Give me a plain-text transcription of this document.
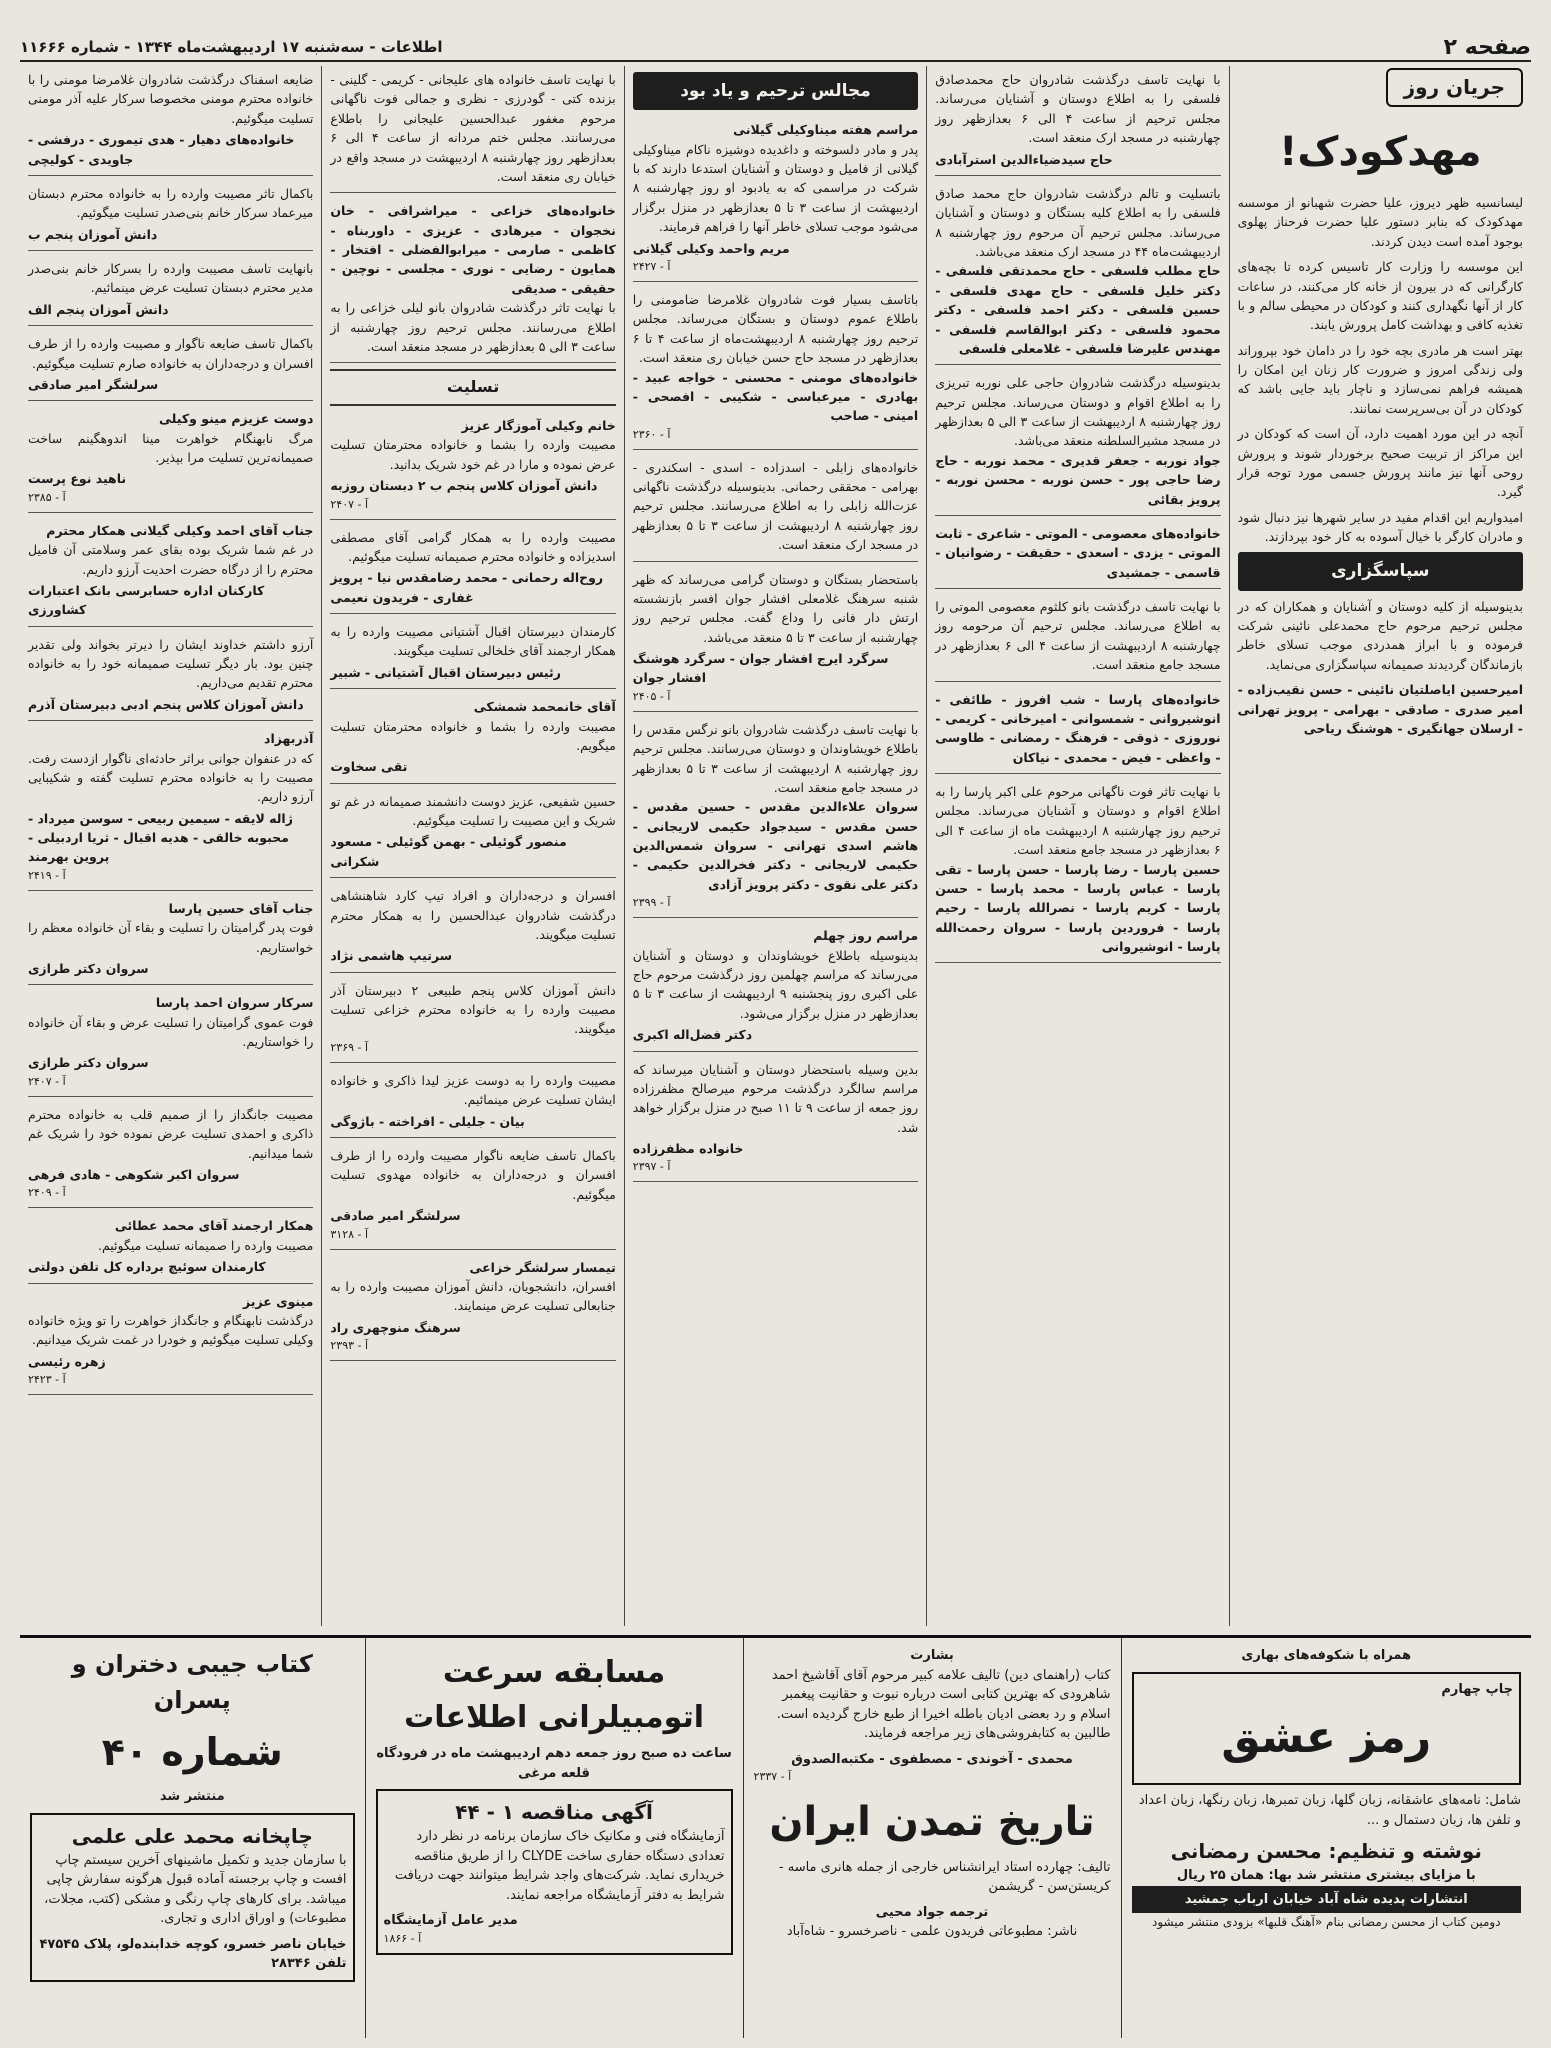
صفحه ۲
اطلاعات - سه‌شنبه ۱۷ اردیبهشت‌ماه ۱۳۴۴ - شماره ۱۱۶۶۶
جریان روز
مهدکودک!

لیسانسیه ظهر دیروز، علیا حضرت شهبانو از موسسه مهدکودک که بنابر دستور علیا حضرت فرحناز پهلوی بوجود آمده است دیدن کردند.

این موسسه را وزارت کار تاسیس کرده تا بچه‌های کارگرانی که در بیرون از خانه کار می‌کنند، در ساعات کار از آنها نگهداری کنند و کودکان در محیطی سالم و با تغذیه کافی و بهداشت کامل پرورش یابند.

بهتر است هر مادری بچه خود را در دامان خود بپروراند ولی زندگی امروز و ضرورت کار زنان این امکان را همیشه فراهم نمی‌سازد و ناچار باید جایی باشد که کودکان در آن بی‌سرپرست نمانند.

آنچه در این مورد اهمیت دارد، آن است که کودکان در این مراکز از تربیت صحیح برخوردار شوند و پرورش روحی آنها نیز مانند پرورش جسمی مورد توجه قرار گیرد.

امیدواریم این اقدام مفید در سایر شهرها نیز دنبال شود و مادران کارگر با خیال آسوده به کار خود بپردازند.

سپاسگزاری

بدینوسیله از کلیه دوستان و آشنایان و همکاران که در مجلس ترحیم مرحوم حاج محمدعلی نائینی شرکت فرموده و با ابراز همدردی موجب تسلای خاطر بازماندگان گردیدند صمیمانه سپاسگزاری می‌نماید.

امیرحسین ایاصلتیان نائینی - حسن نقیب‌زاده - امیر صدری - صادقی - بهرامی - پرویز تهرانی - ارسلان جهانگیری - هوشنگ ریاحی

با نهایت تاسف درگذشت شادروان حاج محمدصادق فلسفی را به اطلاع دوستان و آشنایان می‌رساند. مجلس ترحیم از ساعت ۴ الی ۶ بعدازظهر روز چهارشنبه در مسجد ارک منعقد است.
حاج سیدضیاءالدین استرآبادی
باتسلیت و تالم درگذشت شادروان حاج محمد صادق فلسفی را به اطلاع کلیه بستگان و دوستان و آشنایان می‌رساند. مجلس ترحیم آن مرحوم روز چهارشنبه ۸ اردیبهشت‌ماه ۴۴ در مسجد ارک منعقد می‌باشد.
حاج مطلب فلسفی - حاج محمدتقی فلسفی - دکتر خلیل فلسفی - حاج مهدی فلسفی - حسین فلسفی - دکتر احمد فلسفی - دکتر محمود فلسفی - دکتر ابوالقاسم فلسفی - مهندس علیرضا فلسفی - غلامعلی فلسفی
بدینوسیله درگذشت شادروان حاجی علی نوربه تبریزی را به اطلاع اقوام و دوستان می‌رساند. مجلس ترحیم روز چهارشنبه ۸ اردیبهشت از ساعت ۳ الی ۵ بعدازظهر در مسجد مشیرالسلطنه منعقد می‌باشد.
جواد نوربه - جعفر قدیری - محمد نوربه - حاج رضا حاجی پور - حسن نوربه - محسن نوربه - پرویز بقائی
خانواده‌های معصومی - الموتی - شاعری - ثابت الموتی - یزدی - اسعدی - حقیقت - رضوانیان - قاسمی - جمشیدی
با نهایت تاسف درگذشت بانو کلثوم معصومی الموتی را به اطلاع می‌رساند. مجلس ترحیم آن مرحومه روز چهارشنبه ۸ اردیبهشت از ساعت ۴ الی ۶ بعدازظهر در مسجد جامع منعقد است.
خانواده‌های پارسا - شب افروز - طائفی - انوشیروانی - شمسوانی - امیرخانی - کریمی - نوروزی - ذوقی - فرهنگ - رمضانی - طاوسی - واعظی - فیض - محمدی - نیاکان
با نهایت تاثر فوت ناگهانی مرحوم علی اکبر پارسا را به اطلاع اقوام و دوستان و آشنایان می‌رساند. مجلس ترحیم روز چهارشنبه ۸ اردیبهشت ماه از ساعت ۴ الی ۶ بعدازظهر در مسجد جامع منعقد است.
حسین پارسا - رضا پارسا - حسن پارسا - تقی پارسا - عباس پارسا - محمد پارسا - حسن پارسا - کریم پارسا - نصرالله پارسا - رحیم پارسا - فروردین پارسا - سروان رحمت‌الله پارسا - انوشیروانی
مجالس ترحیم و یاد بود
مراسم هفته میناوکیلی گیلانی
پدر و مادر دلسوخته و داغدیده دوشیزه ناکام میناوکیلی گیلانی از فامیل و دوستان و آشنایان استدعا دارند که با شرکت در مراسمی که به یادبود او روز چهارشنبه ۸ اردیبهشت از ساعت ۳ تا ۵ بعدازظهر در منزل برگزار می‌شود موجب تسلای خاطر آنها را فراهم فرمایند.
مریم واحمد وکیلی گیلانی
آ - ۲۴۲۷
باتاسف بسیار فوت شادروان غلامرضا ضامومنی را باطلاع عموم دوستان و بستگان می‌رساند. مجلس ترحیم روز چهارشنبه ۸ اردیبهشت‌ماه از ساعت ۴ تا ۶ بعدازظهر در مسجد حاج حسن خیابان ری منعقد است.
خانواده‌های مومنی - محسنی - خواجه عبید - بهادری - میرعباسی - شکیبی - افصحی - امینی - صاحب
آ - ۲۳۶۰
خانواده‌های زابلی - اسدزاده - اسدی - اسکندری - بهرامی - محققی رحمانی. بدینوسیله درگذشت ناگهانی عزت‌الله زابلی را به اطلاع می‌رسانند. مجلس ترحیم روز چهارشنبه ۸ اردیبهشت از ساعت ۳ تا ۵ بعدازظهر در مسجد ارک منعقد است.
باستحضار بستگان و دوستان گرامی می‌رساند که ظهر شنبه سرهنگ غلامعلی افشار جوان افسر بازنشسته ارتش دار فانی را وداع گفت. مجلس ترحیم روز چهارشنبه از ساعت ۳ تا ۵ منعقد می‌باشد.
سرگرد ایرج افشار جوان - سرگرد هوشنگ افشار جوان
آ - ۲۴۰۵
با نهایت تاسف درگذشت شادروان بانو نرگس مقدس را باطلاع خویشاوندان و دوستان می‌رسانند. مجلس ترحیم روز چهارشنبه ۸ اردیبهشت از ساعت ۳ تا ۵ بعدازظهر در مسجد جامع منعقد است.
سروان علاءالدین مقدس - حسین مقدس - حسن مقدس - سیدجواد حکیمی لاریجانی - هاشم اسدی تهرانی - سروان شمس‌الدین حکیمی لاریجانی - دکتر فخرالدین حکیمی - دکتر علی نقوی - دکتر پرویز آزادی
آ - ۲۳۹۹
مراسم روز چهلم
بدینوسیله باطلاع خویشاوندان و دوستان و آشنایان می‌رساند که مراسم چهلمین روز درگذشت مرحوم حاج علی اکبری روز پنجشنبه ۹ اردیبهشت از ساعت ۳ تا ۵ بعدازظهر در منزل برگزار می‌شود.
دکتر فضل‌اله اکبری
بدین وسیله باستحضار دوستان و آشنایان میرساند که مراسم سالگرد درگذشت مرحوم میرصالح مظفرزاده روز جمعه از ساعت ۹ تا ۱۱ صبح در منزل برگزار خواهد شد.
خانواده مظفرزاده
آ - ۲۳۹۷
با نهایت تاسف خانواده های علیجانی - کریمی - گلینی - بزنده کتی - گودرزی - نظری و جمالی فوت ناگهانی مرحوم مغفور عبدالحسین علیجانی را باطلاع می‌رسانند. مجلس ختم مردانه از ساعت ۴ الی ۶ بعدازظهر روز چهارشنبه ۸ اردیبهشت در مسجد واقع در خیابان ری منعقد است.
خانواده‌های خزاعی - میراشرافی - خان نخجوان - میرهادی - عزیزی - داوربناه - کاظمی - صارمی - میرابوالفضلی - افتخار - همایون - رضایی - نوری - مجلسی - نوچین - حقیقی - صدیقی
با نهایت تاثر درگذشت شادروان بانو لیلی خزاعی را به اطلاع می‌رسانند. مجلس ترحیم روز چهارشنبه از ساعت ۳ الی ۵ بعدازظهر در مسجد منعقد است.
تسلیت
خانم وکیلی آموزگار عزیز
مصیبت وارده را بشما و خانواده محترمتان تسلیت عرض نموده و مارا در غم خود شریک بدانید.
دانش آموزان کلاس پنجم ب ۲ دبستان روزبه
آ - ۲۴۰۷
مصیبت وارده را به همکار گرامی آقای مصطفی اسدیزاده و خانواده محترم صمیمانه تسلیت میگوئیم.
روح‌اله رحمانی - محمد رضامقدس نیا - پرویز غفاری - فریدون نعیمی
کارمندان دبیرستان اقبال آشتیانی مصیبت وارده را به همکار ارجمند آقای خلخالی تسلیت میگویند.
رئیس دبیرستان اقبال آشتیانی - شبیر
آقای خانمحمد شمشکی
مصیبت وارده را بشما و خانواده محترمتان تسلیت میگویم.
تقی سخاوت
حسین شفیعی، عزیز دوست دانشمند صمیمانه در غم تو شریک و این مصیبت را تسلیت میگوئیم.
منصور گوئیلی - بهمن گوئیلی - مسعود شکرانی
افسران و درجه‌داران و افراد تیپ کارد شاهنشاهی درگذشت شادروان عبدالحسین را به همکار محترم تسلیت میگویند.
سرتیپ هاشمی نژاد
دانش آموزان کلاس پنجم طبیعی ۲ دبیرستان آذر مصیبت وارده را به خانواده محترم خزاعی تسلیت میگویند.
آ - ۲۳۶۹
مصیبت وارده را به دوست عزیز لیدا ذاکری و خانواده ایشان تسلیت عرض مینمائیم.
بیان - جلیلی - افراخته - باژوگی
باکمال تاسف ضایعه ناگوار مصیبت وارده را از طرف افسران و درجه‌داران به خانواده مهدوی تسلیت میگوئیم.
سرلشگر امیر صادقی
آ - ۳۱۲۸
تیمسار سرلشگر خزاعی
افسران، دانشجویان، دانش آموزان مصیبت وارده را به جنابعالی تسلیت عرض مینمایند.
سرهنگ منوچهری راد
آ - ۲۳۹۳
ضایعه اسفناک درگذشت شادروان غلامرضا مومنی را با خانواده محترم مومنی مخصوصا سرکار علیه آذر مومنی تسلیت میگوئیم.
خانواده‌های دهیار - هدی تیموری - درفشی - جاویدی - کولیچی
باکمال تاثر مصیبت وارده را به خانواده محترم دبستان میرعماد سرکار خانم بنی‌صدر تسلیت میگوئیم.
دانش آموزان پنجم ب
بانهایت تاسف مصیبت وارده را بسرکار خانم بنی‌صدر مدیر محترم دبستان تسلیت عرض مینمائیم.
دانش آموزان پنجم الف
باکمال تاسف ضایعه ناگوار و مصیبت وارده را از طرف افسران و درجه‌داران به خانواده صارم تسلیت میگوئیم.
سرلشگر امیر صادقی
دوست عزیزم مینو وکیلی
مرگ نابهنگام خواهرت مینا اندوهگینم ساخت صمیمانه‌ترین تسلیت مرا بپذیر.
ناهید نوع پرست
آ - ۲۳۸۵
جناب آقای احمد وکیلی گیلانی همکار محترم
در غم شما شریک بوده بقای عمر وسلامتی آن فامیل محترم را از درگاه حضرت احدیت آرزو داریم.
کارکنان اداره حسابرسی بانک اعتبارات کشاورزی
آرزو داشتم خداوند ایشان را دیرتر بخواند ولی تقدیر چنین بود. بار دیگر تسلیت صمیمانه خود را به خانواده محترم تقدیم می‌داریم.
دانش آموزان کلاس پنجم ادبی دبیرستان آذرم
آذربهزاد
که در عنفوان جوانی براثر حادثه‌ای ناگوار ازدست رفت. مصیبت را به خانواده محترم تسلیت گفته و شکیبایی آرزو داریم.
ژاله لایقه - سیمین ربیعی - سوسن میرداد - محبوبه خالقی - هدیه اقبال - ثریا اردبیلی - پروین بهرمند
آ - ۲۴۱۹
جناب آقای حسین پارسا
فوت پدر گرامیتان را تسلیت و بقاء آن خانواده معظم را خواستاریم.
سروان دکتر طرازی
سرکار سروان احمد پارسا
فوت عموی گرامیتان را تسلیت عرض و بقاء آن خانواده را خواستاریم.
سروان دکتر طرازی
آ - ۲۴۰۷
مصیبت جانگداز را از صمیم قلب به خانواده محترم ذاکری و احمدی تسلیت عرض نموده خود را شریک غم شما میدانیم.
سروان اکبر شکوهی - هادی فرهی
آ - ۲۴۰۹
همکار ارجمند آقای محمد عطائی
مصیبت وارده را صمیمانه تسلیت میگوئیم.
کارمندان سوئیچ برداره کل تلفن دولتی
مینوی عزیز
درگذشت نابهنگام و جانگداز خواهرت را تو ویژه خانواده وکیلی تسلیت میگوئیم و خودرا در غمت شریک میدانیم.
زهره رئیسی
آ - ۲۴۲۳
همراه با شکوفه‌های بهاری
چاپ چهارم
رمز عشق

شامل: نامه‌های عاشقانه، زبان گلها، زبان تمبرها، زبان رنگها، زبان اعداد و تلفن ها، زبان دستمال و ...

نوشته و تنظیم: محسن رمضانی
با مزایای بیشتری منتشر شد بها: همان ۲۵ ریال
انتشارات پدیده شاه آباد خیابان ارباب جمشید
دومین کتاب از محسن رمضانی بنام «آهنگ قلبها» بزودی منتشر میشود
بشارت

کتاب (راهنمای دین) تالیف علامه کبیر مرحوم آقای آقاشیخ احمد شاهرودی که بهترین کتابی است درباره نبوت و حقانیت پیغمبر اسلام و رد بعضی ادیان باطله اخیرا از طبع خارج گردیده است. طالبین به کتابفروشی‌های زیر مراجعه فرمایند.

محمدی - آخوندی - مصطفوی - مکتبه‌الصدوق
آ - ۲۳۳۷
تاریخ تمدن ایران

تالیف: چهارده استاد ایرانشناس خارجی از جمله هانری ماسه - کریستن‌سن - گریشمن

ترجمه جواد محیی
ناشر: مطبوعاتی فریدون علمی - ناصرخسرو - شاه‌آباد
مسابقه سرعت اتومبیلرانی اطلاعات
ساعت ده صبح روز جمعه دهم اردیبهشت ماه در فرودگاه قلعه مرغی
آگهی مناقصه ۱ - ۴۴

آزمایشگاه فنی و مکانیک خاک سازمان برنامه در نظر دارد تعدادی دستگاه حفاری ساخت CLYDE را از طریق مناقصه خریداری نماید. شرکت‌های واجد شرایط میتوانند جهت دریافت شرایط به دفتر آزمایشگاه مراجعه نمایند.

مدیر عامل آزمایشگاه
آ - ۱۸۶۶
کتاب جیبی دختران و پسران
شماره ۴۰
منتشر شد
چاپخانه محمد علی علمی

با سازمان جدید و تکمیل ماشینهای آخرین سیستم چاپ افست و چاپ برجسته آماده قبول هرگونه سفارش چاپی میباشد. برای کارهای چاپ رنگی و مشکی (کتب، مجلات، مطبوعات) و اوراق اداری و تجاری.

خیابان ناصر خسرو، کوچه خدابنده‌لو، پلاک ۴۷۵۴۵
تلفن ۲۸۳۴۶
